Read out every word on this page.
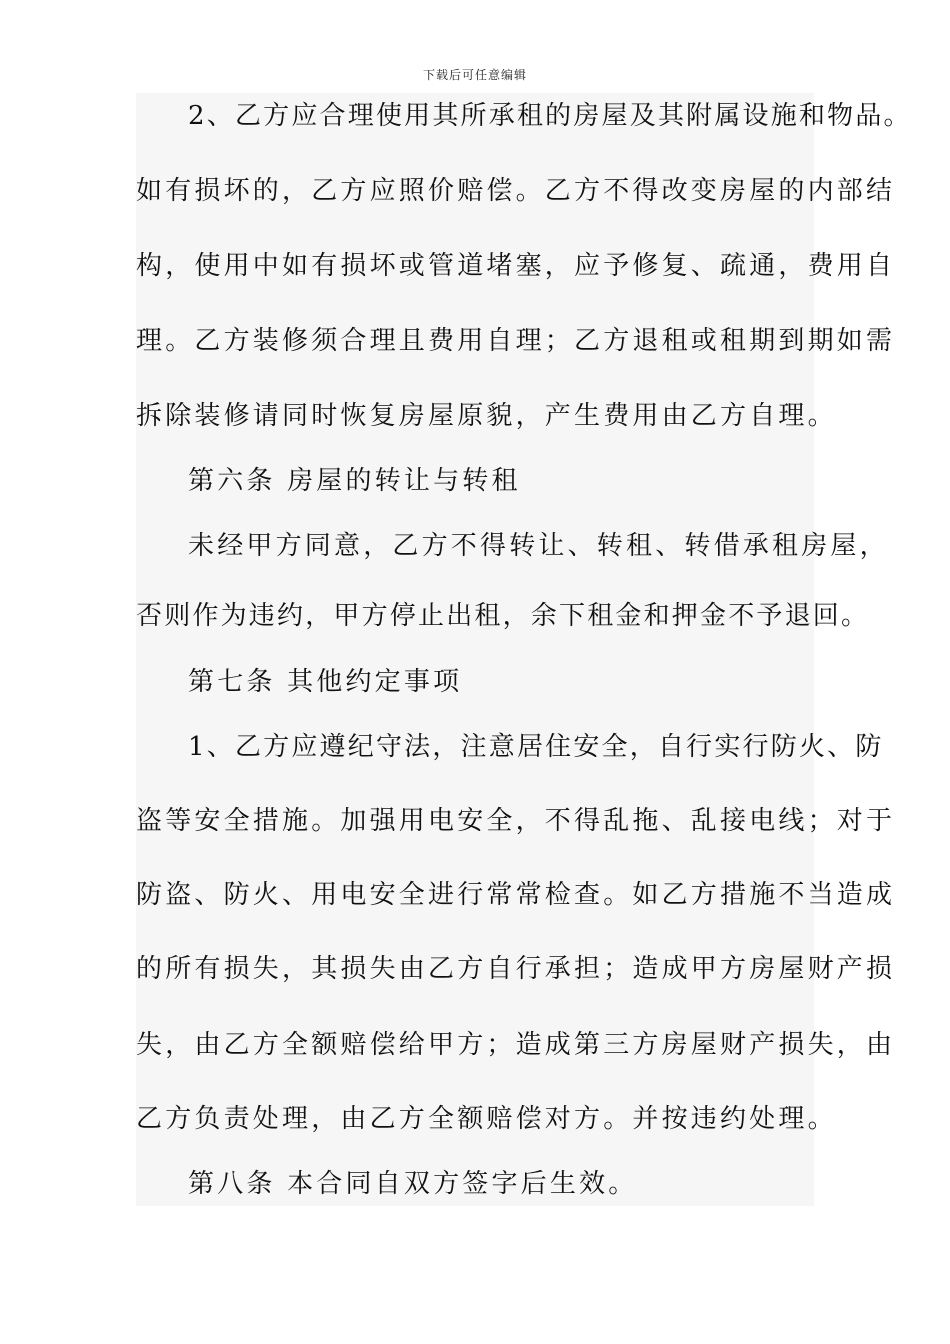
下载后可任意编辑
2、乙方应合理使用其所承租的房屋及其附属设施和物品。
如有损坏的，乙方应照价赔偿。乙方不得改变房屋的内部结
构，使用中如有损坏或管道堵塞，应予修复、疏通，费用自
理。乙方装修须合理且费用自理；乙方退租或租期到期如需
拆除装修请同时恢复房屋原貌，产生费用由乙方自理。
第六条 房屋的转让与转租
未经甲方同意，乙方不得转让、转租、转借承租房屋，
否则作为违约，甲方停止出租，余下租金和押金不予退回。
第七条 其他约定事项
1、乙方应遵纪守法，注意居住安全，自行实行防火、防
盗等安全措施。加强用电安全，不得乱拖、乱接电线；对于
防盗、防火、用电安全进行常常检查。如乙方措施不当造成
的所有损失，其损失由乙方自行承担；造成甲方房屋财产损
失，由乙方全额赔偿给甲方；造成第三方房屋财产损失，由
乙方负责处理，由乙方全额赔偿对方。并按违约处理。
第八条 本合同自双方签字后生效。
